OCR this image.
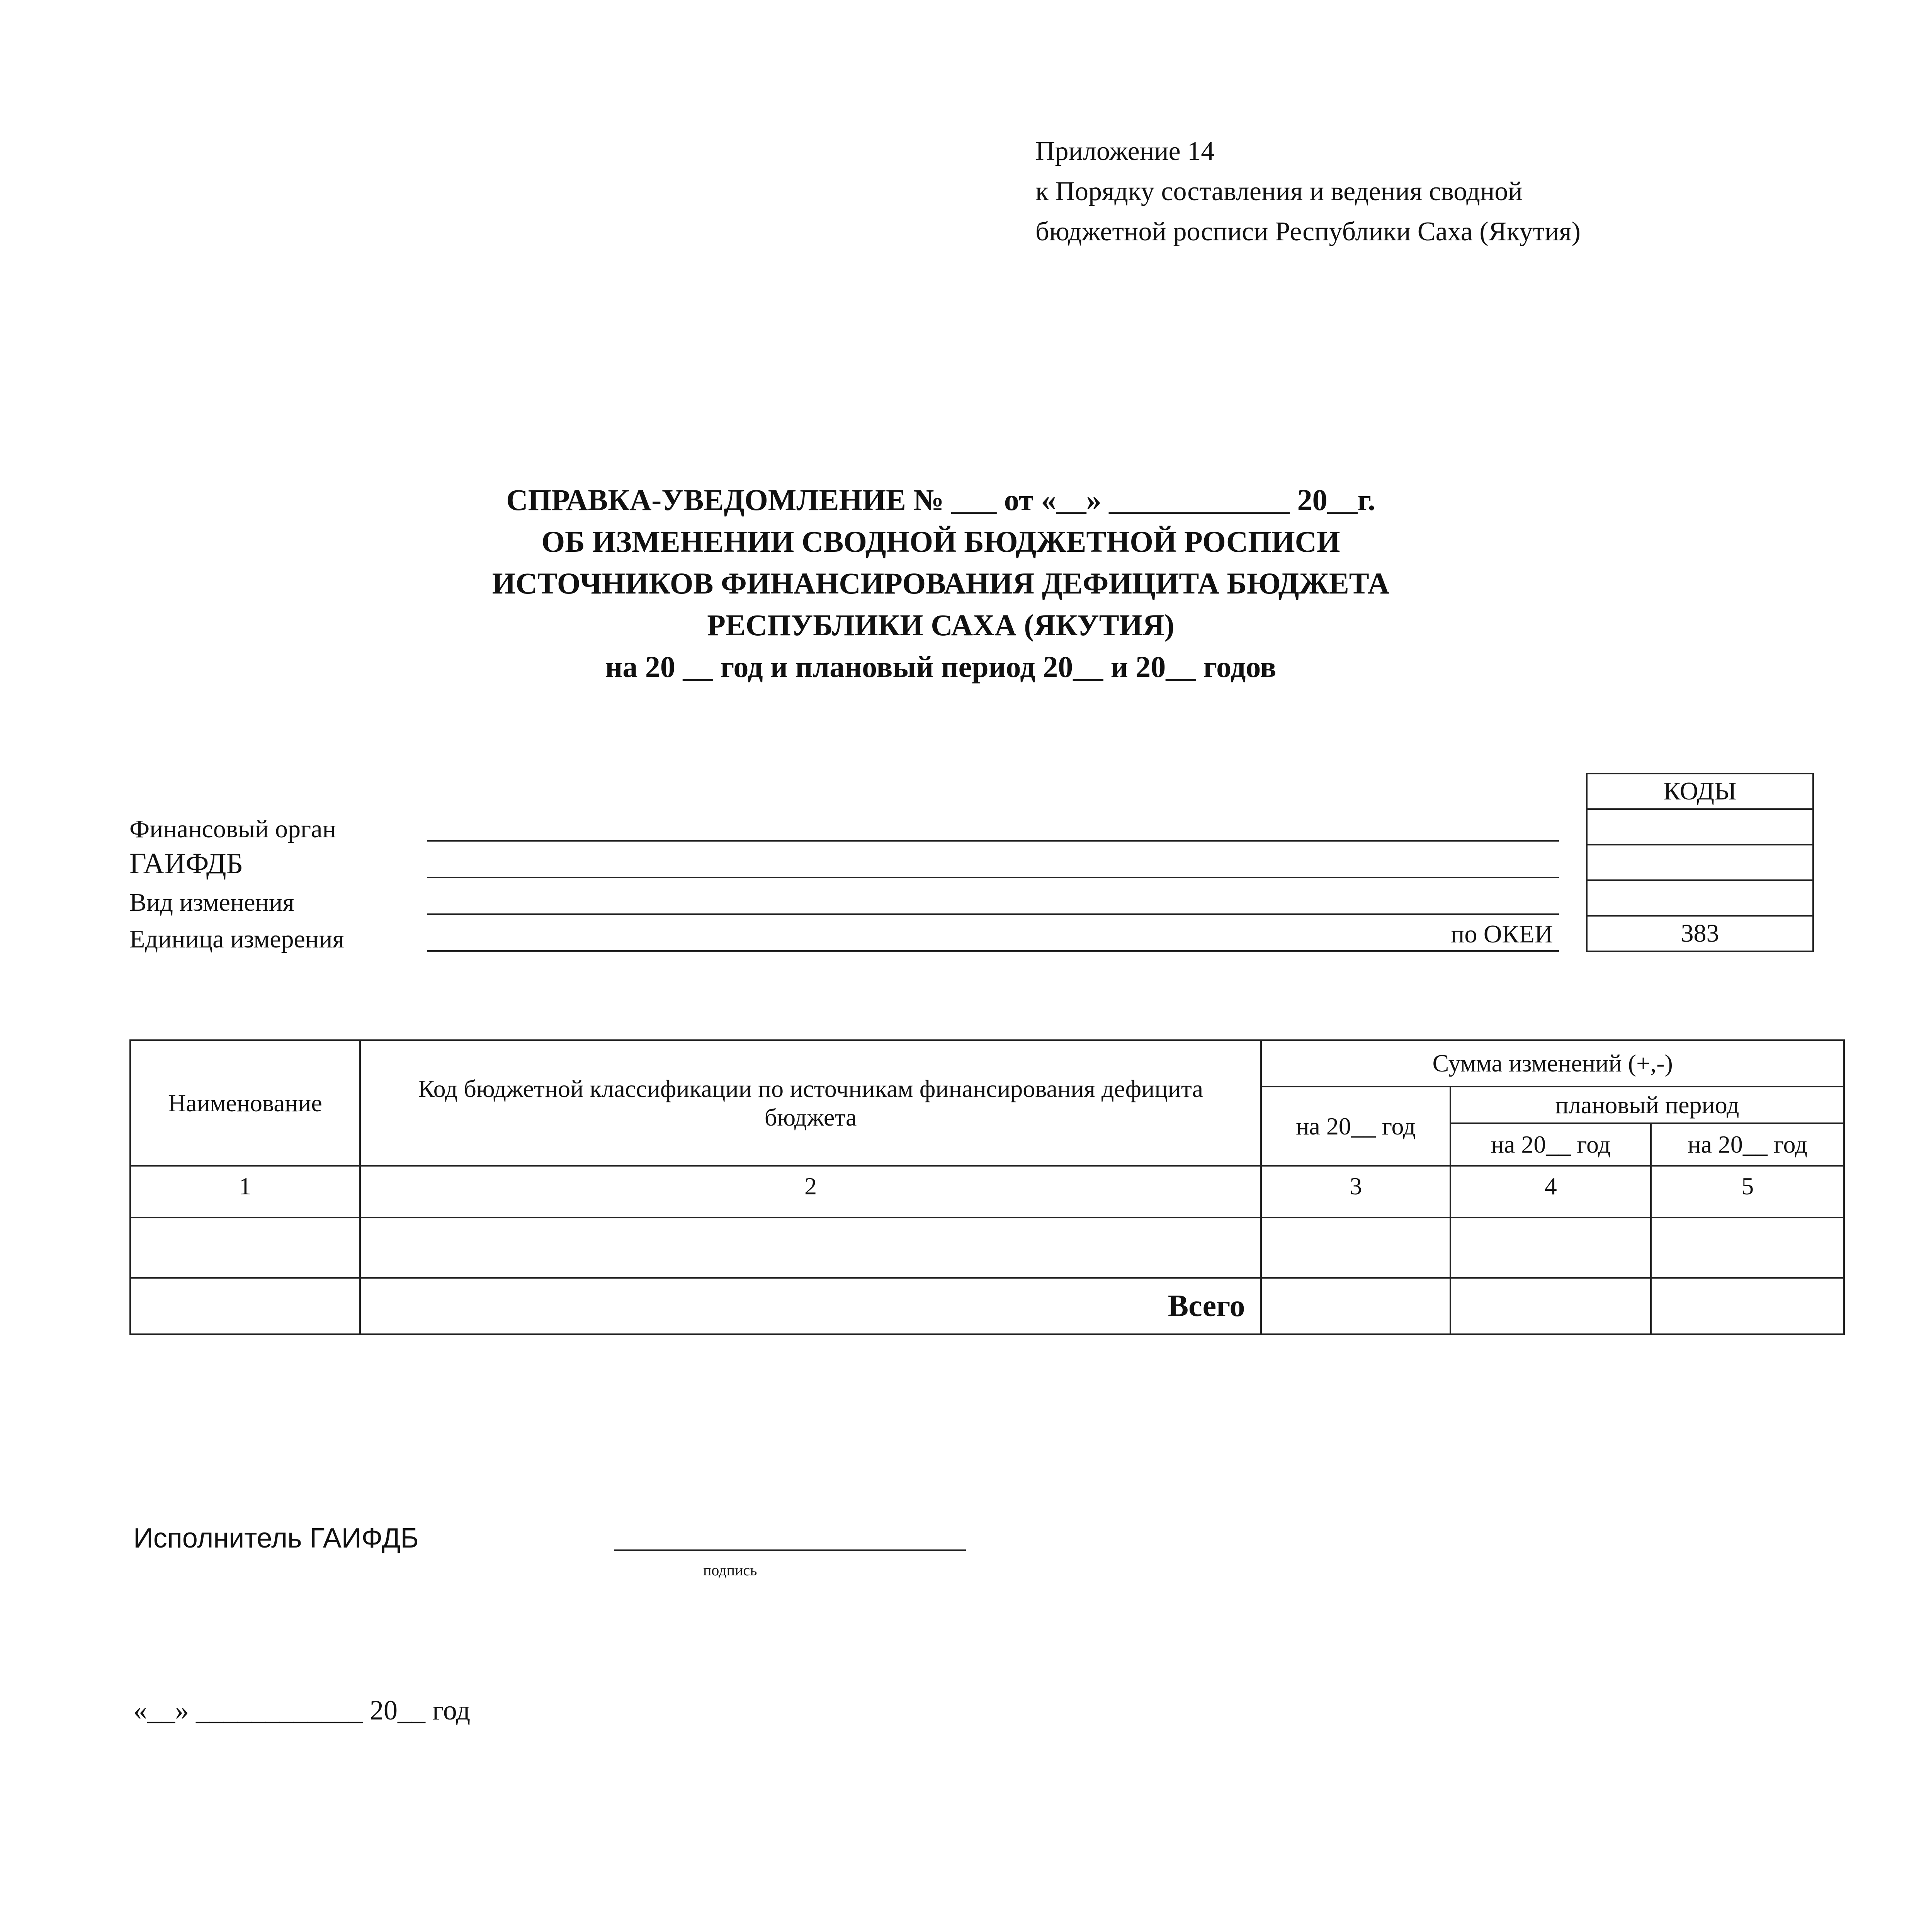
Приложение 14
к Порядку составления и ведения сводной
бюджетной росписи Республики Саха (Якутия)
СПРАВКА-УВЕДОМЛЕНИЕ № ___ от «__» ____________ 20__г.
ОБ ИЗМЕНЕНИИ СВОДНОЙ БЮДЖЕТНОЙ РОСПИСИ
ИСТОЧНИКОВ ФИНАНСИРОВАНИЯ ДЕФИЦИТА БЮДЖЕТА
РЕСПУБЛИКИ САХА (ЯКУТИЯ)
на 20 __ год и плановый период 20__ и 20__ годов
Финансовый орган
ГАИФДБ
Вид изменения
Единица измерения	по ОКЕИ
КОДЫ

383
Наименование	Код бюджетной классификации по источникам финансирования дефицита бюджета	Сумма изменений (+,-)		
		на 20__ год	плановый период	
			на 20__ год	на 20__ год
1	2	3	4	5

	Всего			
Исполнитель ГАИФДБ
подпись
«__» ____________ 20__ год
